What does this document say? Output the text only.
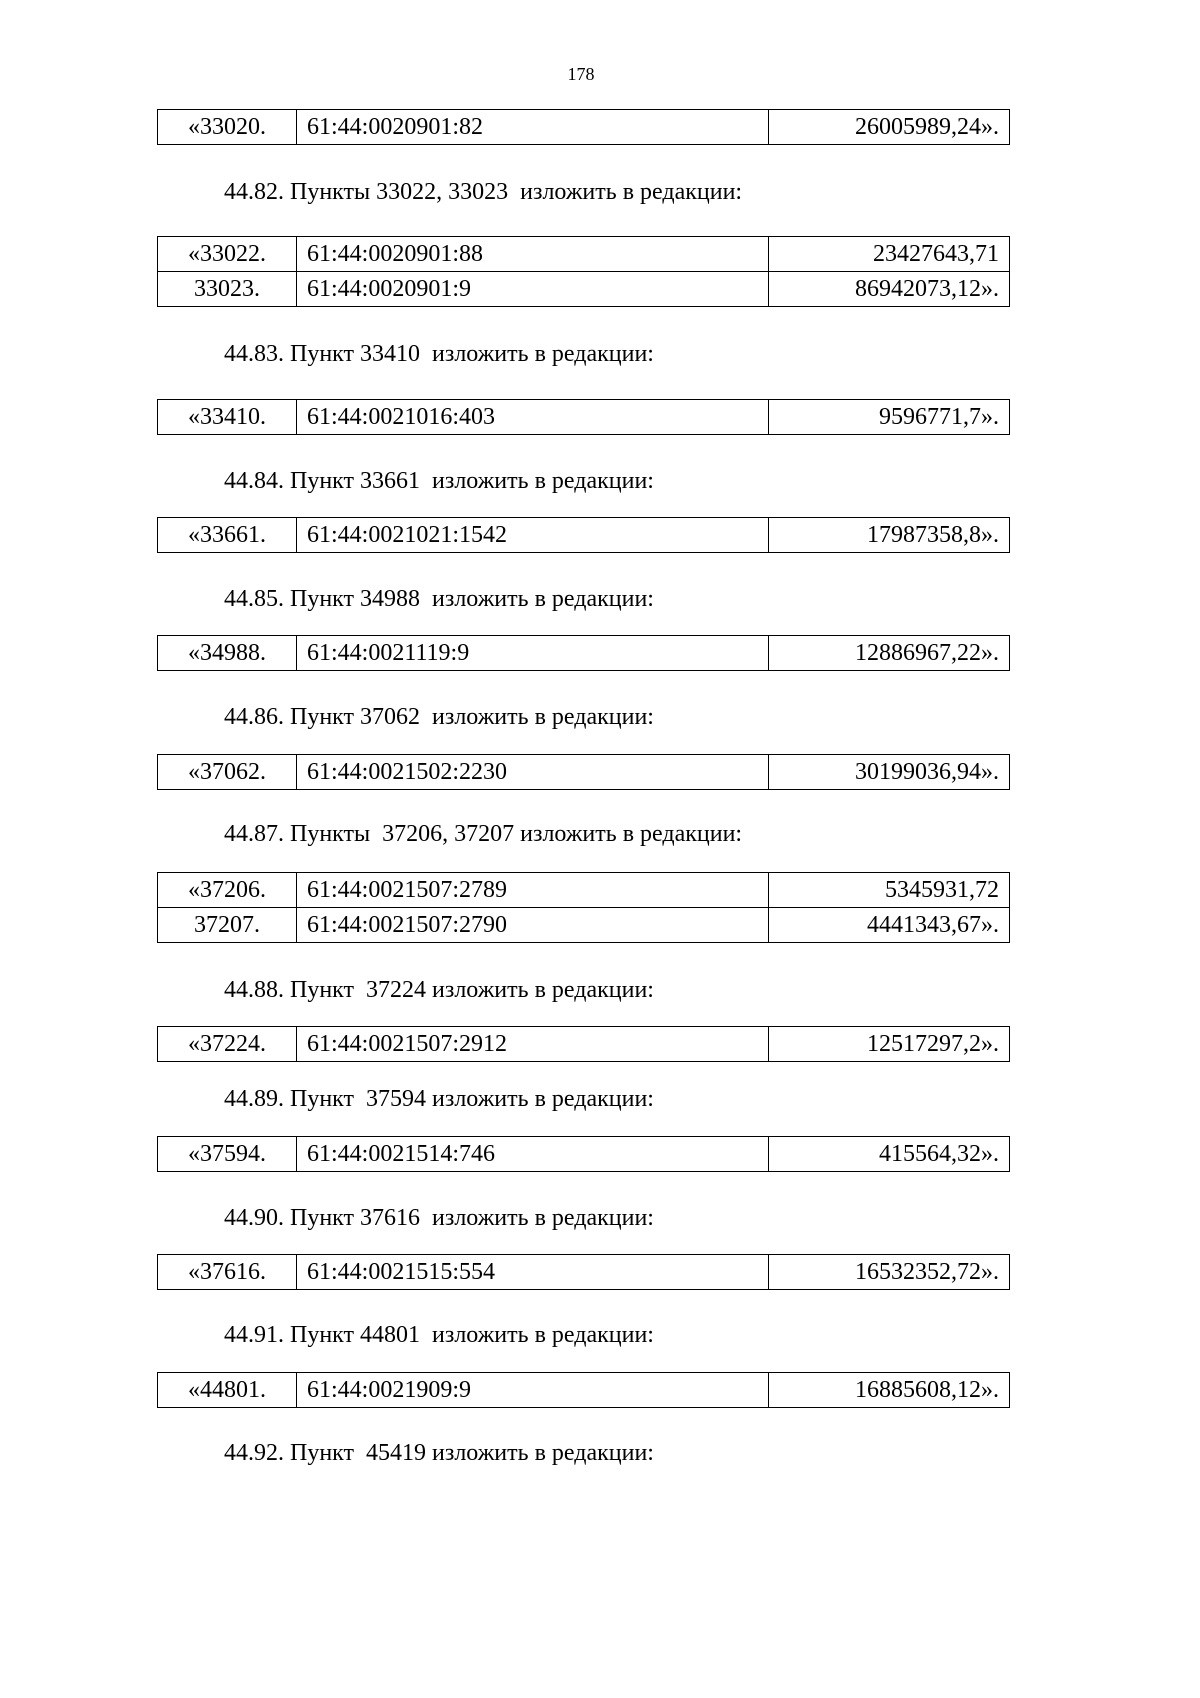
178
«33020.	61:44:0020901:82	26005989,24».
44.82. Пункты 33022, 33023  изложить в редакции:
«33022.	61:44:0020901:88	23427643,71
33023.	61:44:0020901:9	86942073,12».
44.83. Пункт 33410  изложить в редакции:
«33410.	61:44:0021016:403	9596771,7».
44.84. Пункт 33661  изложить в редакции:
«33661.	61:44:0021021:1542	17987358,8».
44.85. Пункт 34988  изложить в редакции:
«34988.	61:44:0021119:9	12886967,22».
44.86. Пункт 37062  изложить в редакции:
«37062.	61:44:0021502:2230	30199036,94».
44.87. Пункты  37206, 37207 изложить в редакции:
«37206.	61:44:0021507:2789	5345931,72
37207.	61:44:0021507:2790	4441343,67».
44.88. Пункт  37224 изложить в редакции:
«37224.	61:44:0021507:2912	12517297,2».
44.89. Пункт  37594 изложить в редакции:
«37594.	61:44:0021514:746	415564,32».
44.90. Пункт 37616  изложить в редакции:
«37616.	61:44:0021515:554	16532352,72».
44.91. Пункт 44801  изложить в редакции:
«44801.	61:44:0021909:9	16885608,12».
44.92. Пункт  45419 изложить в редакции:
